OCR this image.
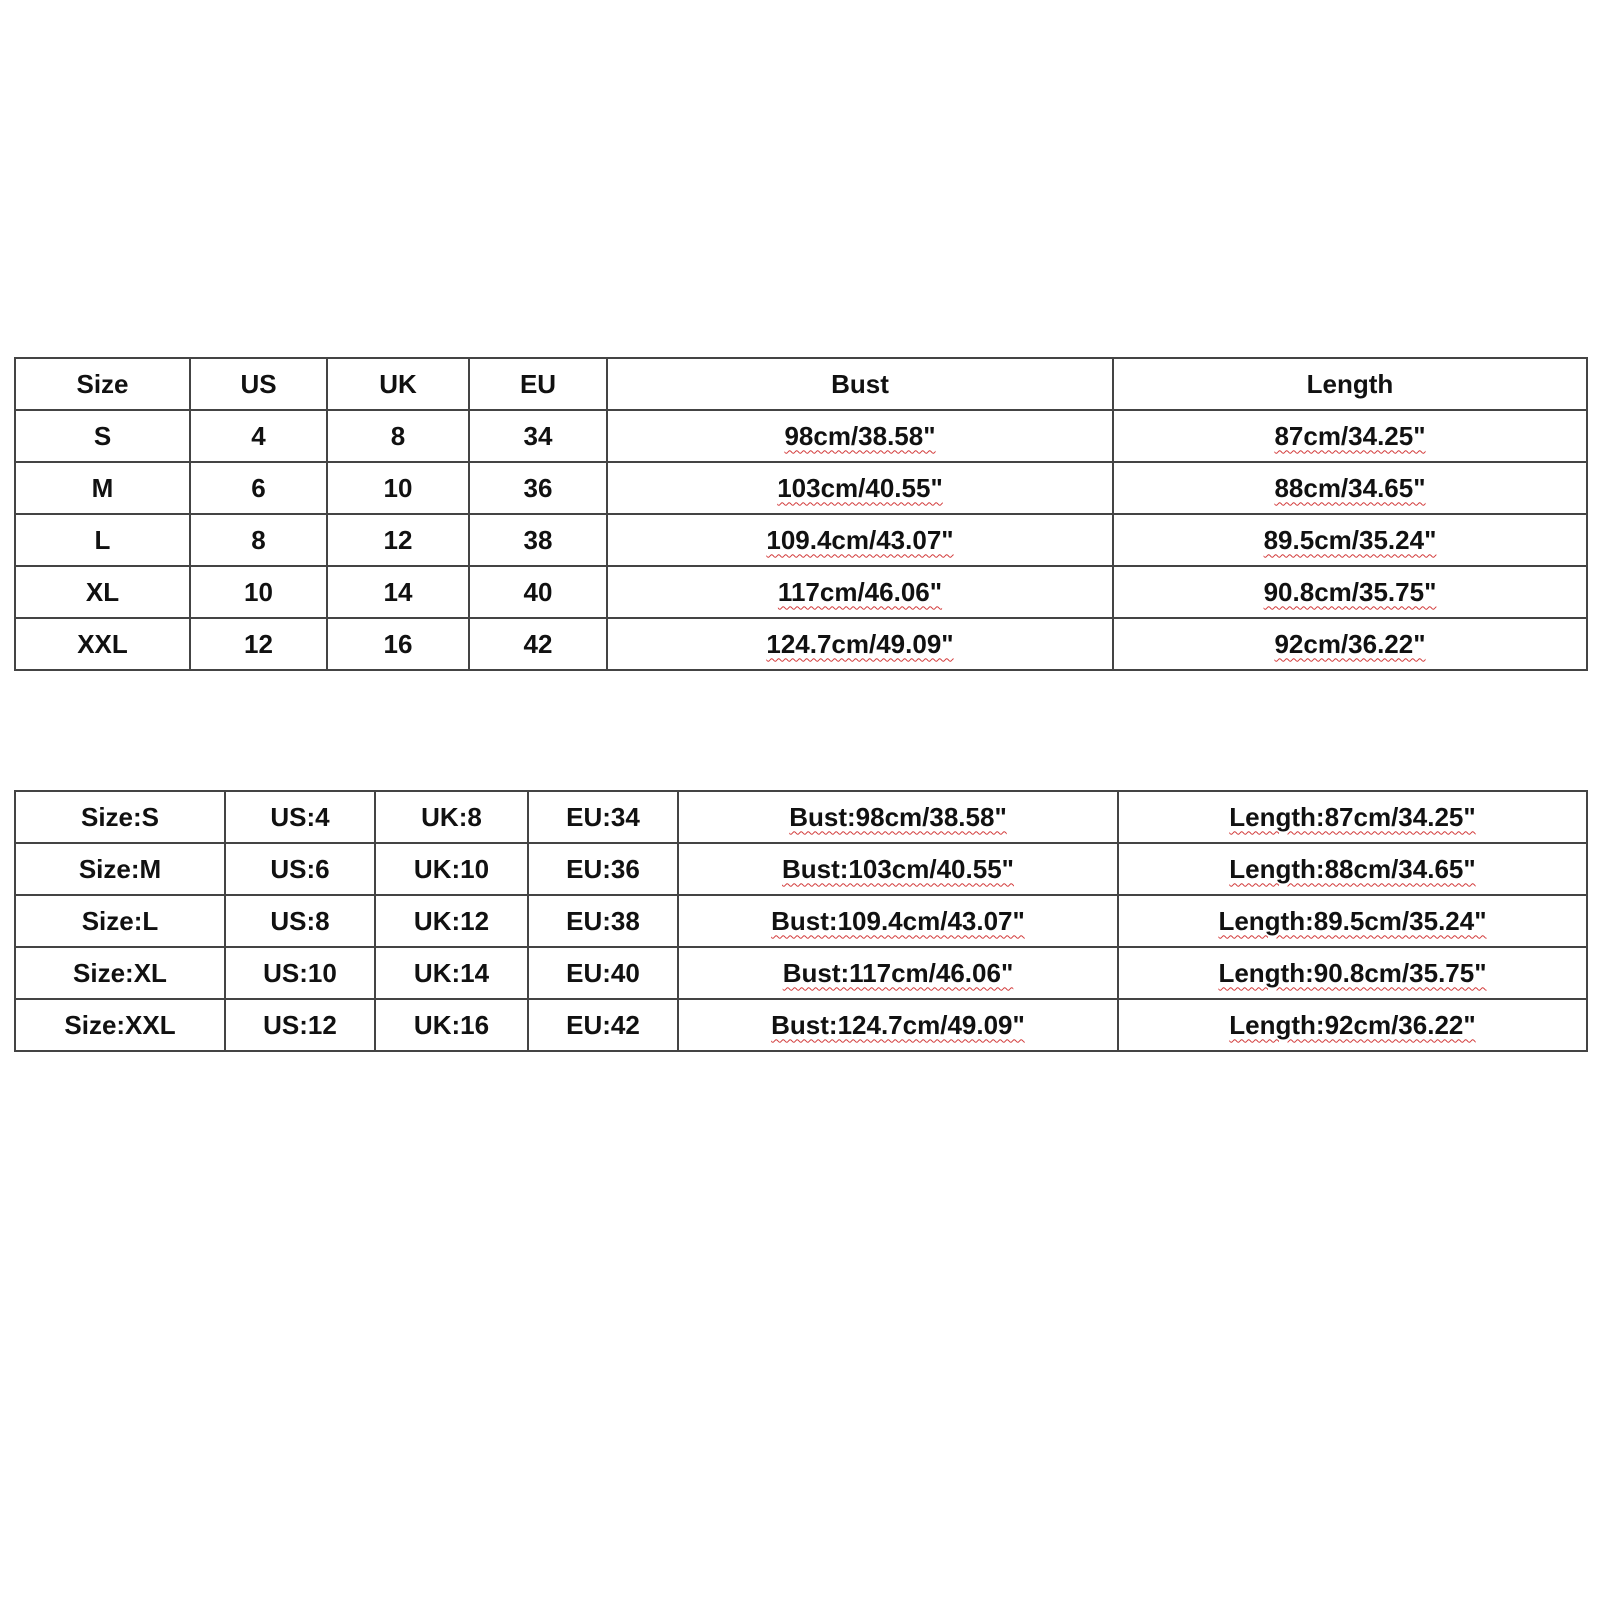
Size	US	UK	EU	Bust	Length
S	4	8	34	98cm/38.58"	87cm/34.25"
M	6	10	36	103cm/40.55"	88cm/34.65"
L	8	12	38	109.4cm/43.07"	89.5cm/35.24"
XL	10	14	40	117cm/46.06"	90.8cm/35.75"
XXL	12	16	42	124.7cm/49.09"	92cm/36.22"
Size:S	US:4	UK:8	EU:34	Bust:98cm/38.58"	Length:87cm/34.25"
Size:M	US:6	UK:10	EU:36	Bust:103cm/40.55"	Length:88cm/34.65"
Size:L	US:8	UK:12	EU:38	Bust:109.4cm/43.07"	Length:89.5cm/35.24"
Size:XL	US:10	UK:14	EU:40	Bust:117cm/46.06"	Length:90.8cm/35.75"
Size:XXL	US:12	UK:16	EU:42	Bust:124.7cm/49.09"	Length:92cm/36.22"
